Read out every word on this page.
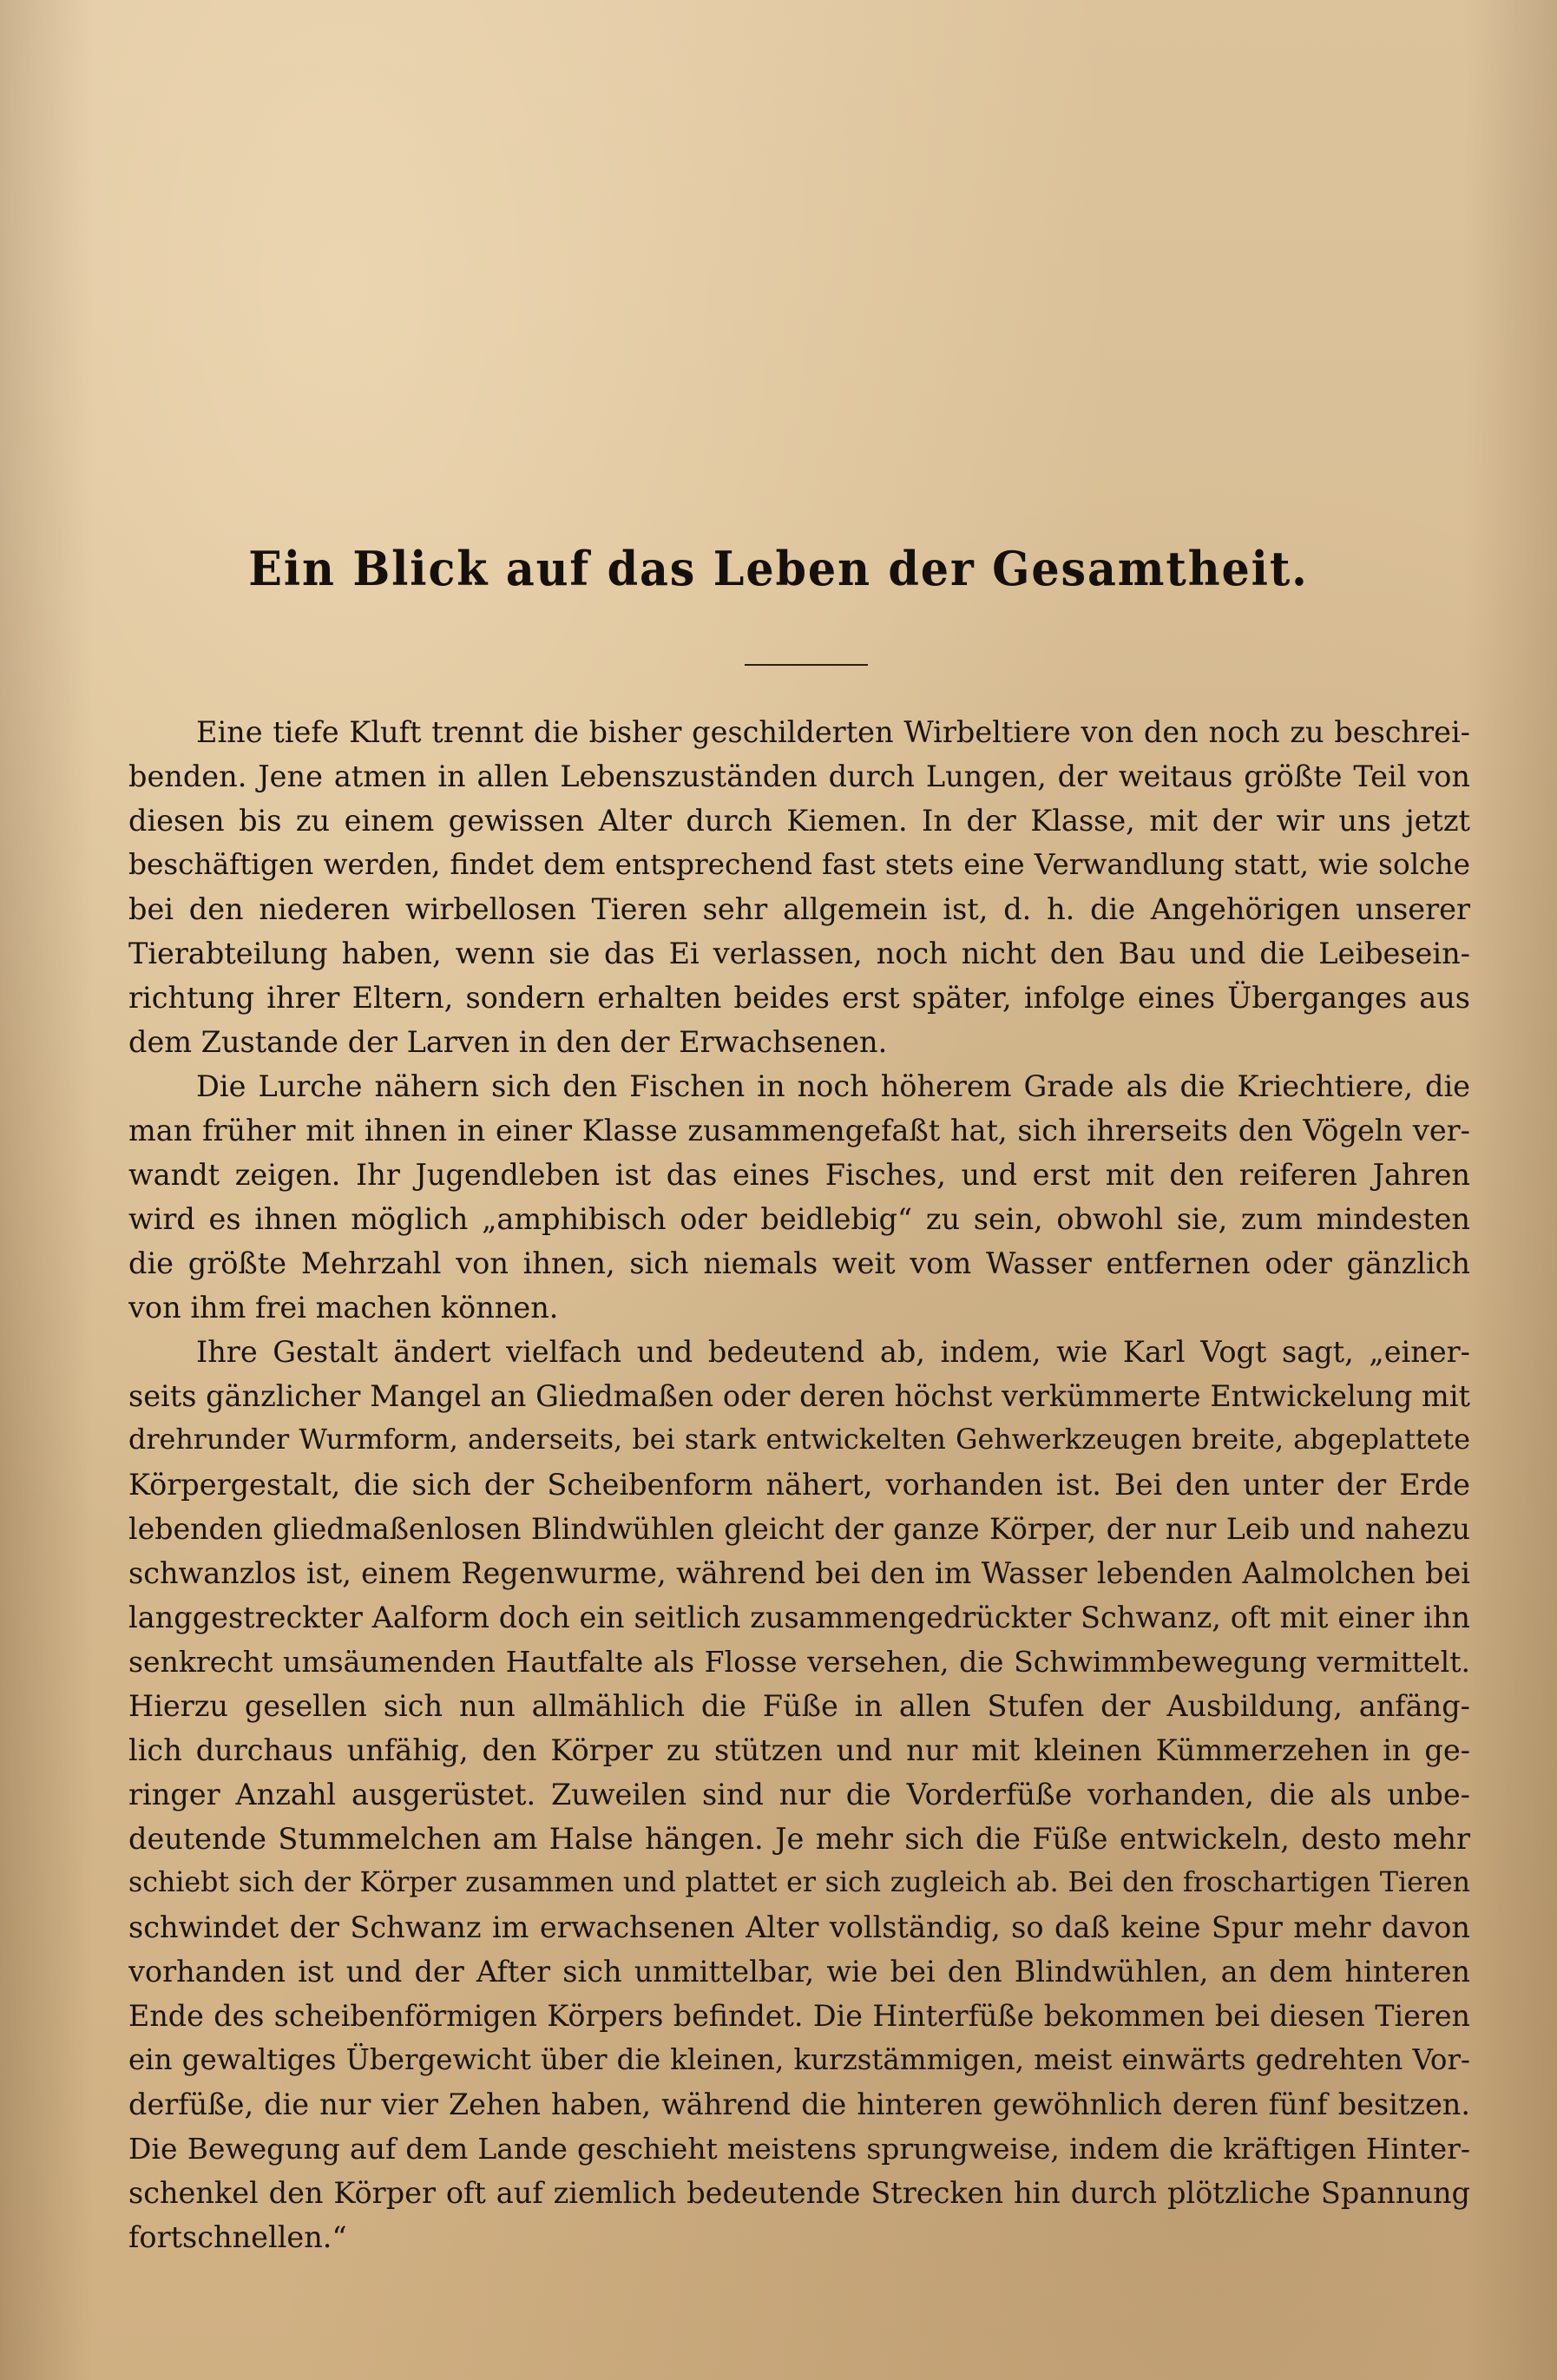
Ein Blick auf das Leben der Gesamtheit.
Eine tiefe Kluft trennt die bisher geschilderten Wirbeltiere von den noch zu beschrei-
benden. Jene atmen in allen Lebenszuständen durch Lungen, der weitaus größte Teil von
diesen bis zu einem gewissen Alter durch Kiemen. In der Klasse, mit der wir uns jetzt
beschäftigen werden, findet dem entsprechend fast stets eine Verwandlung statt, wie solche
bei den niederen wirbellosen Tieren sehr allgemein ist, d. h. die Angehörigen unserer
Tierabteilung haben, wenn sie das Ei verlassen, noch nicht den Bau und die Leibesein-
richtung ihrer Eltern, sondern erhalten beides erst später, infolge eines Überganges aus
dem Zustande der Larven in den der Erwachsenen.
Die Lurche nähern sich den Fischen in noch höherem Grade als die Kriechtiere, die
man früher mit ihnen in einer Klasse zusammengefaßt hat, sich ihrerseits den Vögeln ver-
wandt zeigen. Ihr Jugendleben ist das eines Fisches, und erst mit den reiferen Jahren
wird es ihnen möglich „amphibisch oder beidlebig“ zu sein, obwohl sie, zum mindesten
die größte Mehrzahl von ihnen, sich niemals weit vom Wasser entfernen oder gänzlich
von ihm frei machen können.
Ihre Gestalt ändert vielfach und bedeutend ab, indem, wie Karl Vogt sagt, „einer-
seits gänzlicher Mangel an Gliedmaßen oder deren höchst verkümmerte Entwickelung mit
drehrunder Wurmform, anderseits, bei stark entwickelten Gehwerkzeugen breite, abgeplattete
Körpergestalt, die sich der Scheibenform nähert, vorhanden ist. Bei den unter der Erde
lebenden gliedmaßenlosen Blindwühlen gleicht der ganze Körper, der nur Leib und nahezu
schwanzlos ist, einem Regenwurme, während bei den im Wasser lebenden Aalmolchen bei
langgestreckter Aalform doch ein seitlich zusammengedrückter Schwanz, oft mit einer ihn
senkrecht umsäumenden Hautfalte als Flosse versehen, die Schwimmbewegung vermittelt.
Hierzu gesellen sich nun allmählich die Füße in allen Stufen der Ausbildung, anfäng-
lich durchaus unfähig, den Körper zu stützen und nur mit kleinen Kümmerzehen in ge-
ringer Anzahl ausgerüstet. Zuweilen sind nur die Vorderfüße vorhanden, die als unbe-
deutende Stummelchen am Halse hängen. Je mehr sich die Füße entwickeln, desto mehr
schiebt sich der Körper zusammen und plattet er sich zugleich ab. Bei den froschartigen Tieren
schwindet der Schwanz im erwachsenen Alter vollständig, so daß keine Spur mehr davon
vorhanden ist und der After sich unmittelbar, wie bei den Blindwühlen, an dem hinteren
Ende des scheibenförmigen Körpers befindet. Die Hinterfüße bekommen bei diesen Tieren
ein gewaltiges Übergewicht über die kleinen, kurzstämmigen, meist einwärts gedrehten Vor-
derfüße, die nur vier Zehen haben, während die hinteren gewöhnlich deren fünf besitzen.
Die Bewegung auf dem Lande geschieht meistens sprungweise, indem die kräftigen Hinter-
schenkel den Körper oft auf ziemlich bedeutende Strecken hin durch plötzliche Spannung
fortschnellen.“
